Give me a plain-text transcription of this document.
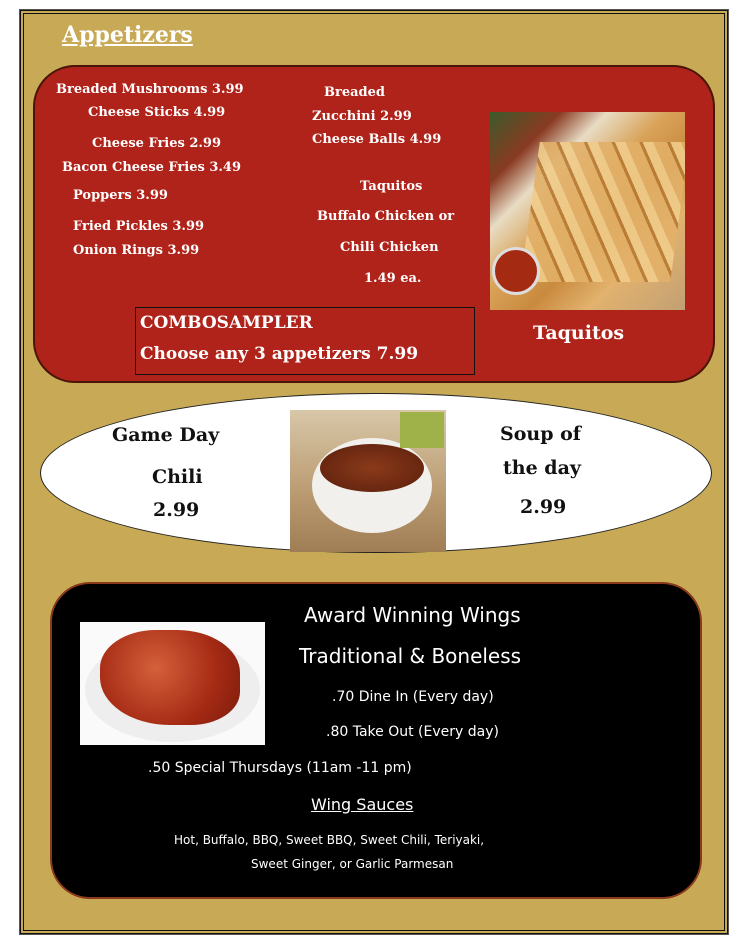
Appetizers
Breaded Mushrooms 3.99
Cheese Sticks 4.99
Cheese Fries 2.99
Bacon Cheese Fries 3.49
Poppers 3.99
Fried Pickles 3.99
Onion Rings 3.99
Breaded
Zucchini 2.99
Cheese Balls 4.99
Taquitos
Buffalo Chicken or
Chili Chicken
1.49 ea.
COMBOSAMPLER
Choose any 3 appetizers 7.99
Taquitos
Game Day
Chili
2.99
Soup of
the day
2.99
Award Winning Wings
Traditional & Boneless
.70 Dine In (Every day)
.80 Take Out (Every day)
.50 Special Thursdays (11am -11 pm)
Wing Sauces
Hot, Buffalo, BBQ, Sweet BBQ, Sweet Chili, Teriyaki,
Sweet Ginger, or Garlic Parmesan
